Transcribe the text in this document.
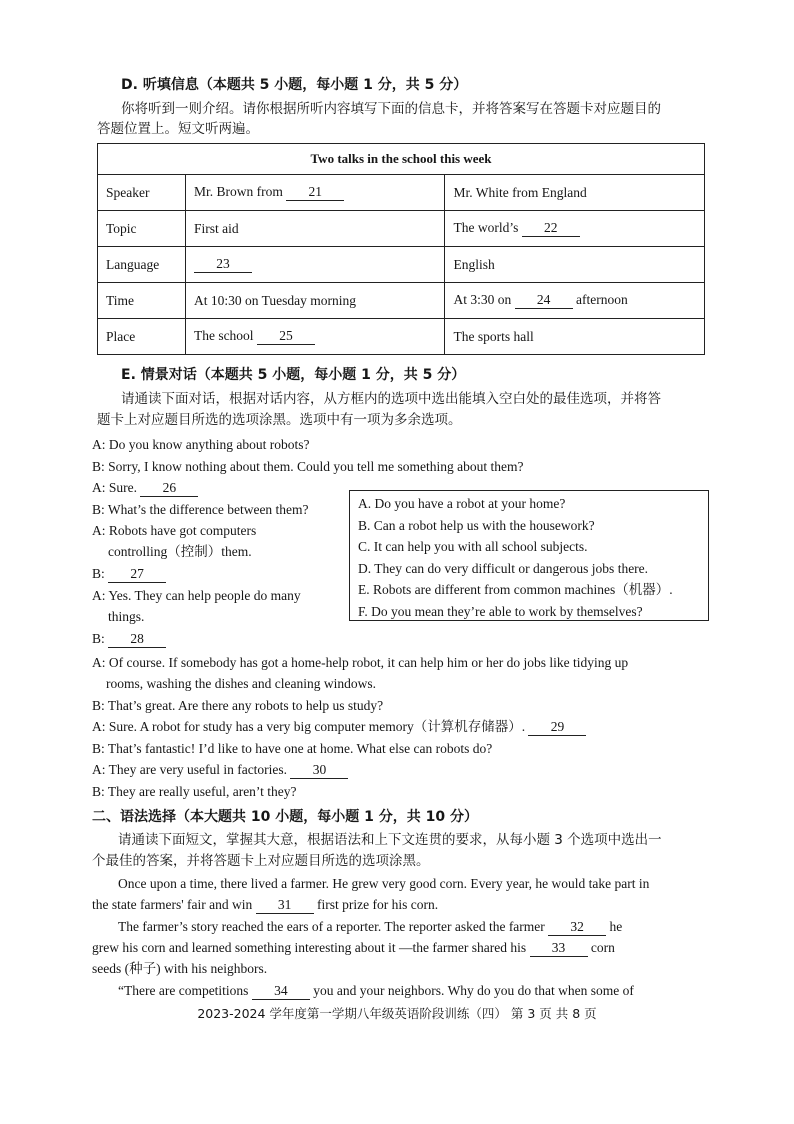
D. 听填信息（本题共 5 小题，每小题 1 分，共 5 分）
你将听到一则介绍。请你根据所听内容填写下面的信息卡，并将答案写在答题卡对应题目的
答题位置上。短文听两遍。
Two talks in the school this week		
Speaker	Mr. Brown from 21	Mr. White from England
Topic	First aid	The world’s 22
Language	23	English
Time	At 10:30 on Tuesday morning	At 3:30 on 24 afternoon
Place	The school 25	The sports hall
E. 情景对话（本题共 5 小题，每小题 1 分，共 5 分）
请通读下面对话，根据对话内容，从方框内的选项中选出能填入空白处的最佳选项，并将答
题卡上对应题目所选的选项涂黑。选项中有一项为多余选项。
A: Do you know anything about robots?
B: Sorry, I know nothing about them. Could you tell me something about them?
A: Sure. 26
B: What’s the difference between them?
A: Robots have got computers
controlling（控制）them.
B: 27
A: Yes. They can help people do many
things.
B: 28
A: Of course. If somebody has got a home-help robot, it can help him or her do jobs like tidying up
rooms, washing the dishes and cleaning windows.
B: That’s great. Are there any robots to help us study?
A: Sure. A robot for study has a very big computer memory（计算机存储器）. 29
B: That’s fantastic! I’d like to have one at home. What else can robots do?
A: They are very useful in factories. 30
B: They are really useful, aren’t they?
A. Do you have a robot at your home?
B. Can a robot help us with the housework?
C. It can help you with all school subjects.
D. They can do very difficult or dangerous jobs there.
E. Robots are different from common machines（机器）.
F. Do you mean they’re able to work by themselves?
二、语法选择（本大题共 10 小题，每小题 1 分，共 10 分）
请通读下面短文，掌握其大意，根据语法和上下文连贯的要求，从每小题 3 个选项中选出一
个最佳的答案，并将答题卡上对应题目所选的选项涂黑。
Once upon a time, there lived a farmer. He grew very good corn. Every year, he would take part in
the state farmers' fair and win 31 first prize for his corn.
The farmer’s story reached the ears of a reporter. The reporter asked the farmer 32 he
grew his corn and learned something interesting about it —the farmer shared his 33 corn
seeds (种子) with his neighbors.
“There are competitions 34 you and your neighbors. Why do you do that when some of
2023-2024 学年度第一学期八年级英语阶段训练（四） 第 3 页 共 8 页
